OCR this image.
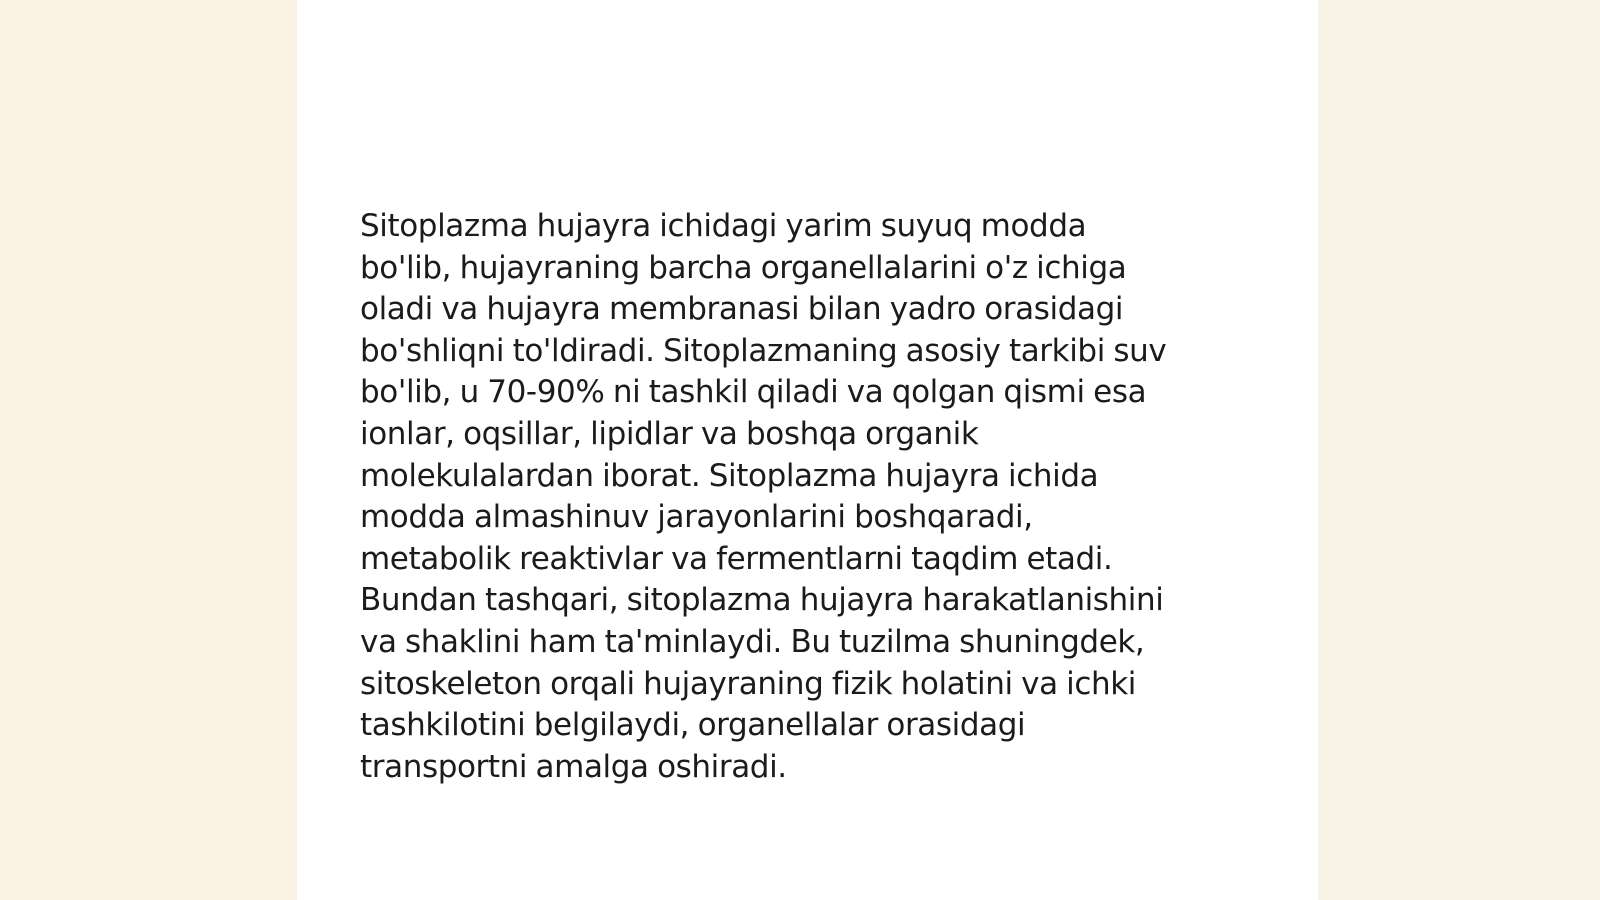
Sitoplazma hujayra ichidagi yarim suyuq modda
bo'lib, hujayraning barcha organellalarini o'z ichiga
oladi va hujayra membranasi bilan yadro orasidagi
bo'shliqni to'ldiradi. Sitoplazmaning asosiy tarkibi suv
bo'lib, u 70-90% ni tashkil qiladi va qolgan qismi esa
ionlar, oqsillar, lipidlar va boshqa organik
molekulalardan iborat. Sitoplazma hujayra ichida
modda almashinuv jarayonlarini boshqaradi,
metabolik reaktivlar va fermentlarni taqdim etadi.
Bundan tashqari, sitoplazma hujayra harakatlanishini
va shaklini ham ta'minlaydi. Bu tuzilma shuningdek,
sitoskeleton orqali hujayraning fizik holatini va ichki
tashkilotini belgilaydi, organellalar orasidagi
transportni amalga oshiradi.
